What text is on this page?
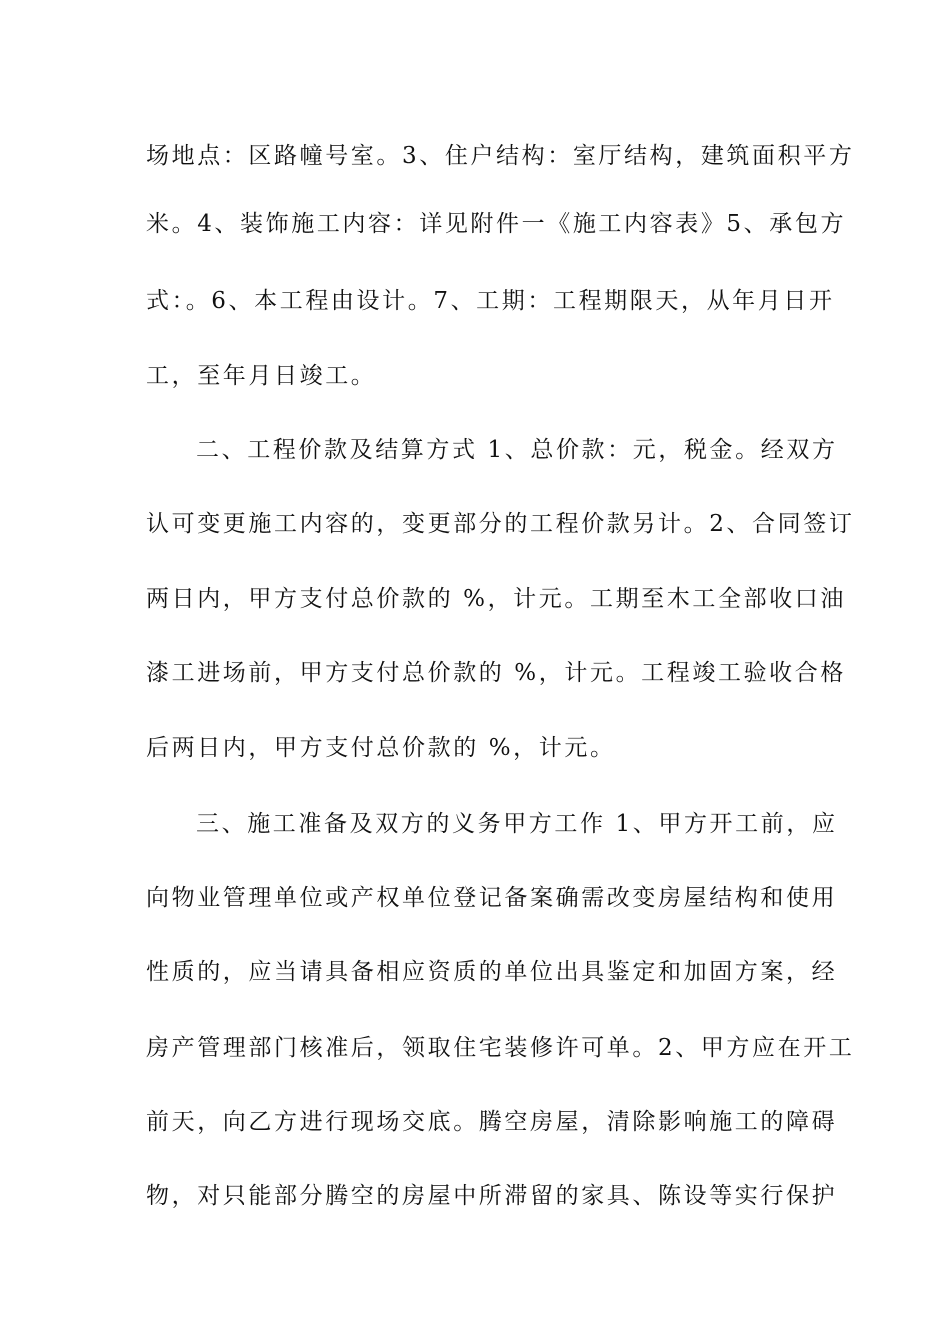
场地点：区路幢号室。3、住户结构：室厅结构，建筑面积平方
米。4、装饰施工内容：详见附件一《施工内容表》5、承包方
式：。6、本工程由设计。7、工期：工程期限天，从年月日开
工，至年月日竣工。
二、工程价款及结算方式 1、总价款：元，税金。经双方
认可变更施工内容的，变更部分的工程价款另计。2、合同签订
两日内，甲方支付总价款的 %，计元。工期至木工全部收口油
漆工进场前，甲方支付总价款的 %，计元。工程竣工验收合格
后两日内，甲方支付总价款的 %，计元。
三、施工准备及双方的义务甲方工作 1、甲方开工前，应
向物业管理单位或产权单位登记备案确需改变房屋结构和使用
性质的，应当请具备相应资质的单位出具鉴定和加固方案，经
房产管理部门核准后，领取住宅装修许可单。2、甲方应在开工
前天，向乙方进行现场交底。腾空房屋，清除影响施工的障碍
物，对只能部分腾空的房屋中所滞留的家具、陈设等实行保护
